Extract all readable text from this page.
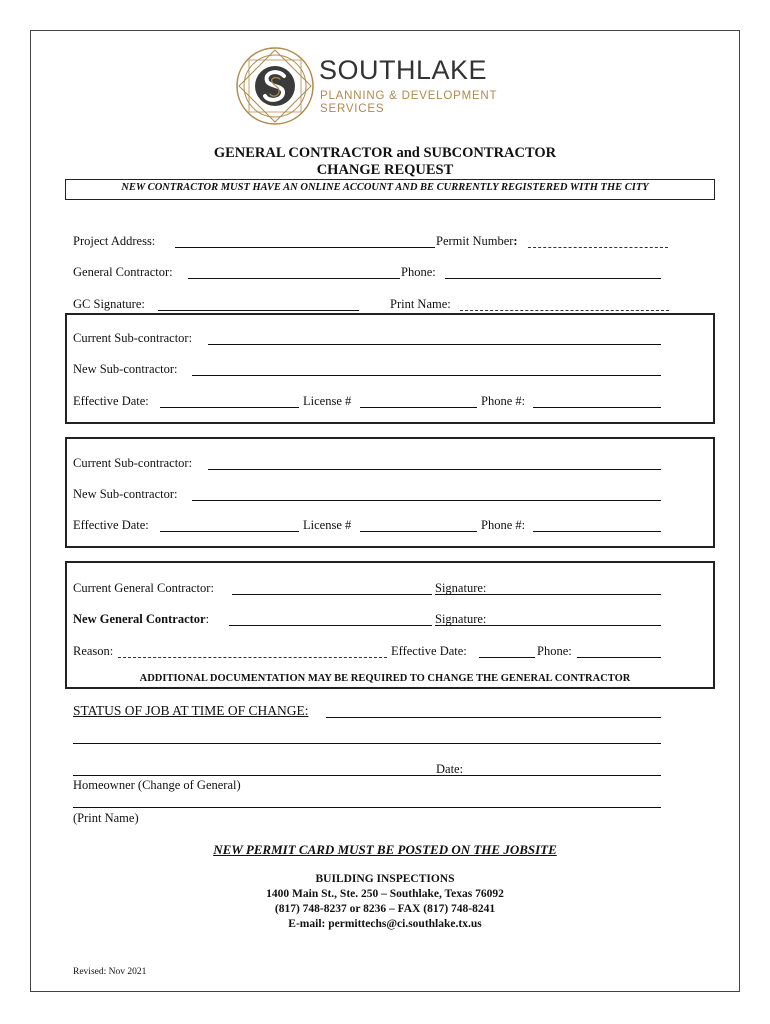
SOUTHLAKE
PLANNING & DEVELOPMENT
SERVICES
GENERAL CONTRACTOR and SUBCONTRACTOR
CHANGE REQUEST
NEW CONTRACTOR MUST HAVE AN ONLINE ACCOUNT AND BE CURRENTLY REGISTERED WITH THE CITY
Project Address:	Permit Number:
General Contractor:	Phone:
GC Signature:	Print Name:
Current Sub-contractor:
New Sub-contractor:
Effective Date:	License #	Phone #:
Current Sub-contractor:
New Sub-contractor:
Effective Date:	License #	Phone #:
Current General Contractor:	Signature:
New General Contractor:	Signature:
Reason:	Effective Date:	Phone:
ADDITIONAL DOCUMENTATION MAY BE REQUIRED TO CHANGE THE GENERAL CONTRACTOR
STATUS OF JOB AT TIME OF CHANGE:
Date:
Homeowner (Change of General)
(Print Name)
NEW PERMIT CARD MUST BE POSTED ON THE JOBSITE
BUILDING INSPECTIONS
1400 Main St., Ste. 250 – Southlake, Texas 76092
(817) 748-8237 or 8236 – FAX (817) 748-8241
E-mail: permittechs@ci.southlake.tx.us
Revised: Nov 2021
